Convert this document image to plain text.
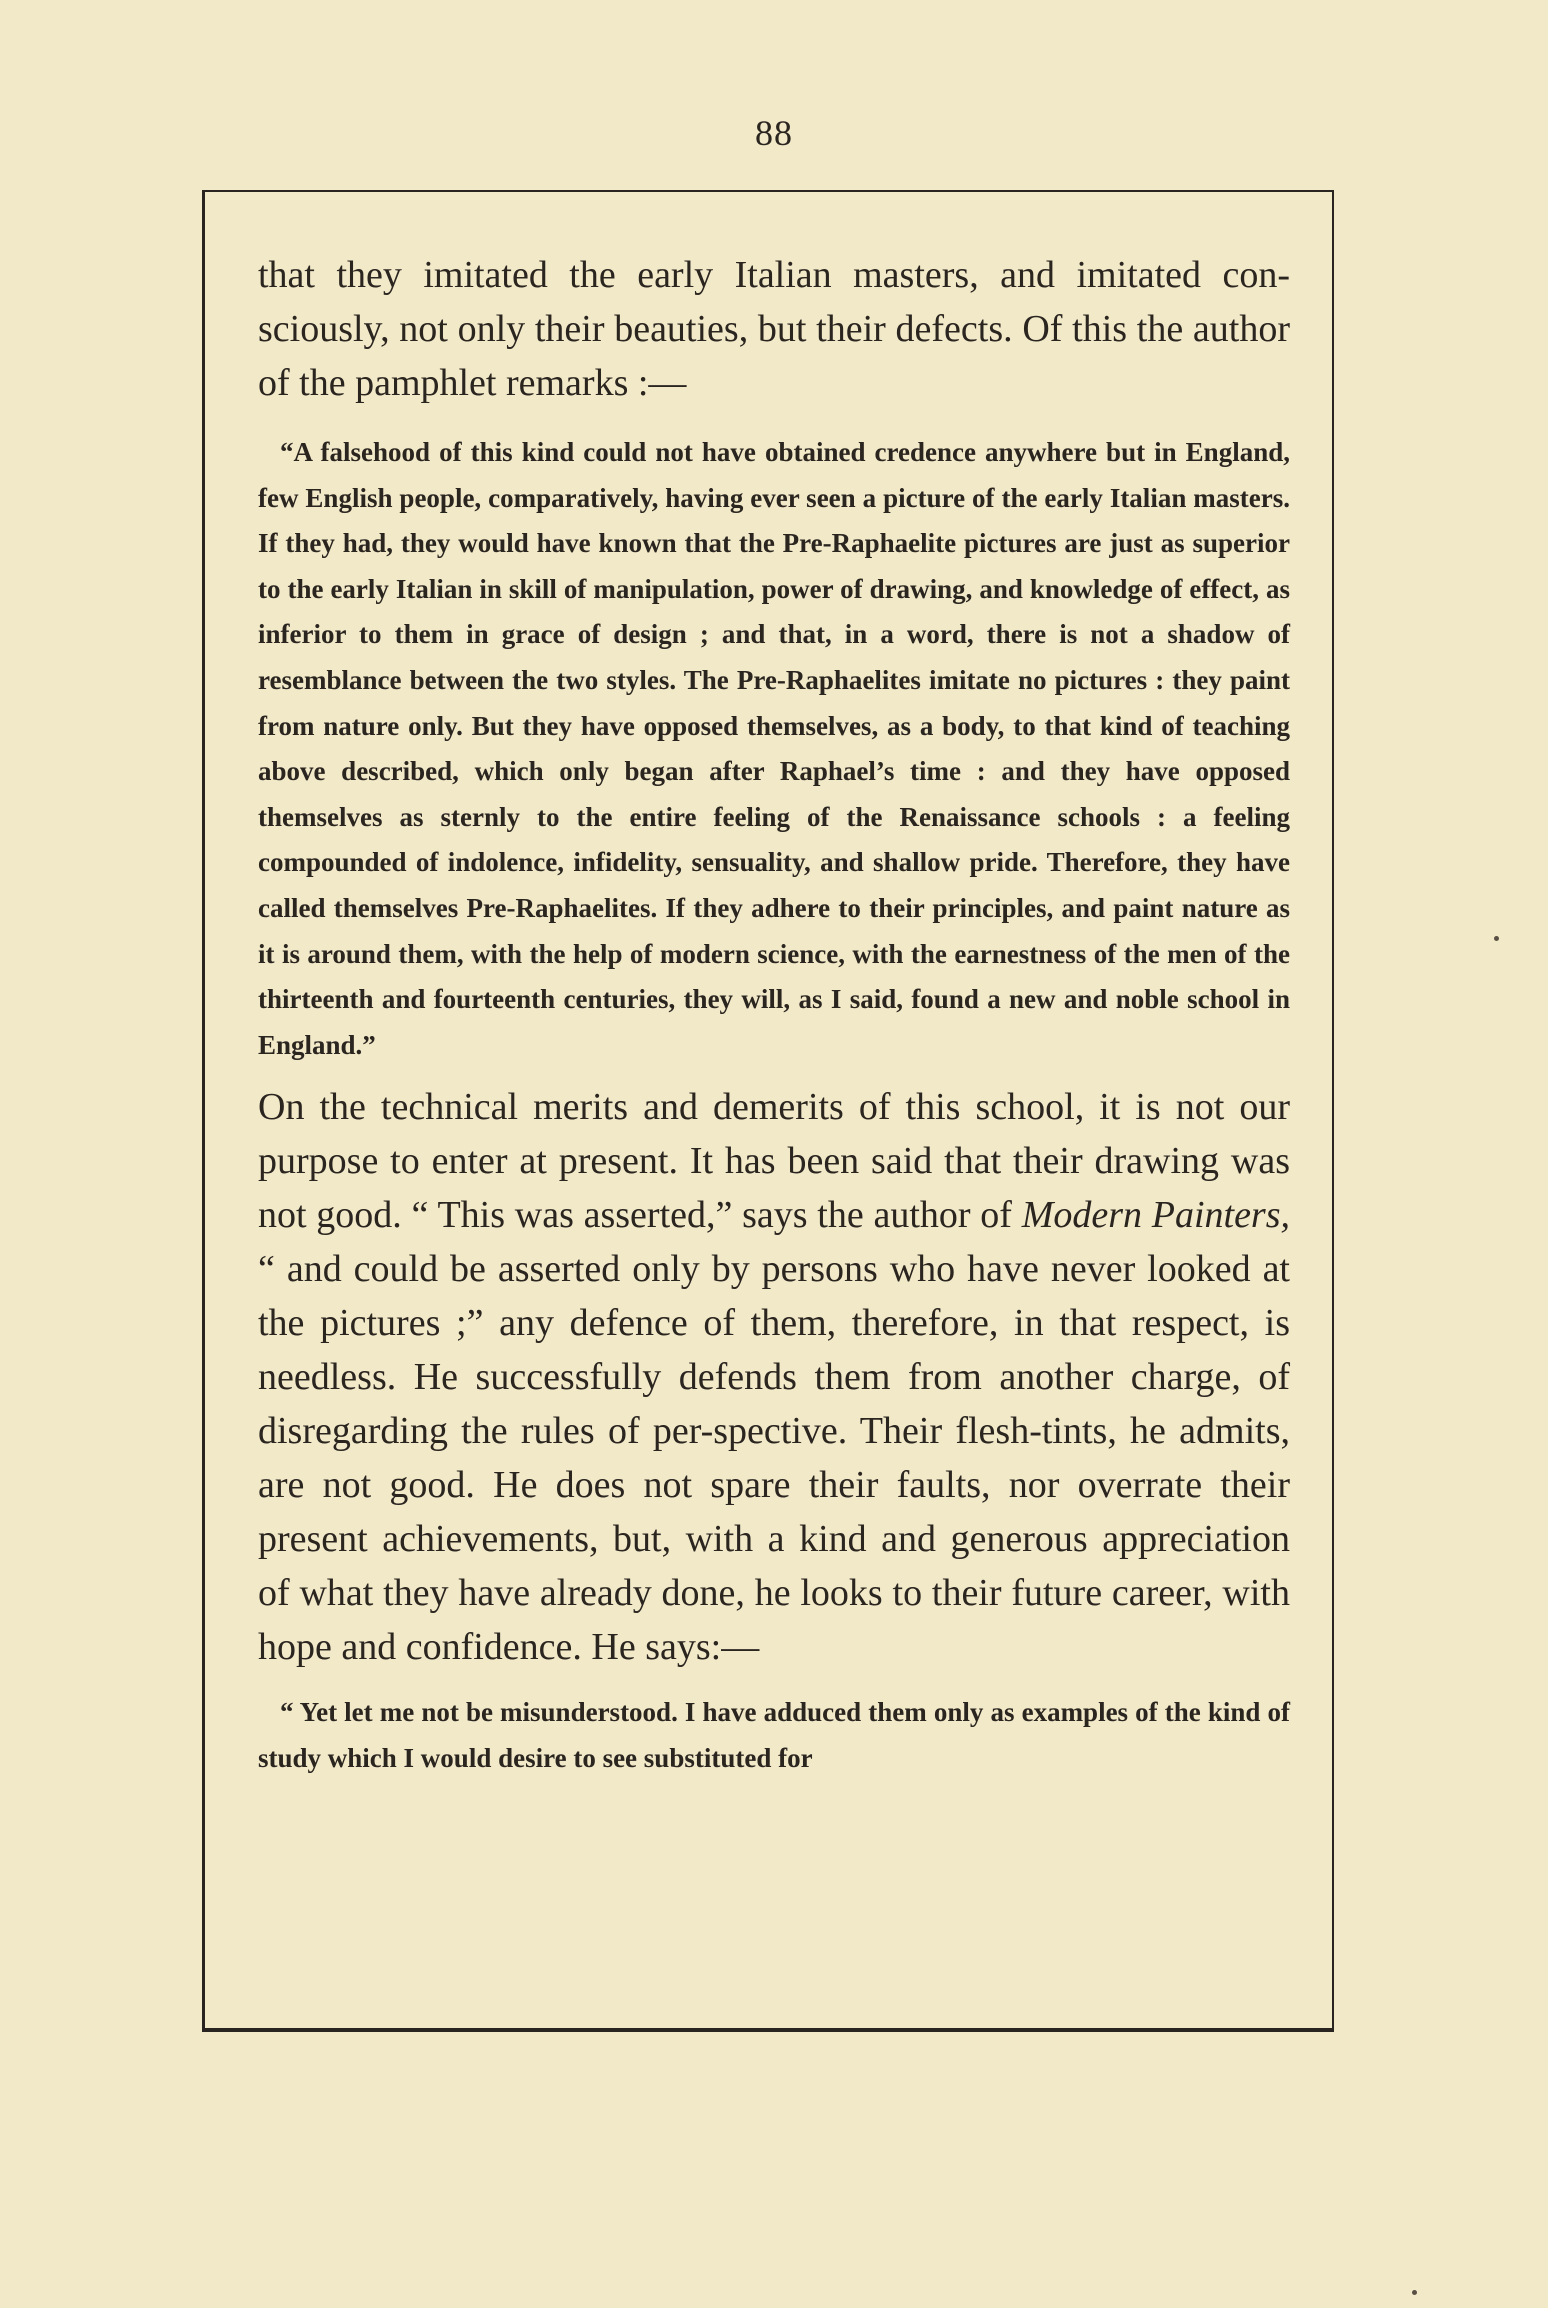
88

that they imitated the early Italian masters, and imitated con-sciously, not only their beauties, but their defects. Of this the author of the pamphlet remarks :—

“A falsehood of this kind could not have obtained credence anywhere but in England, few English people, comparatively, having ever seen a picture of the early Italian masters. If they had, they would have known that the Pre-Raphaelite pictures are just as superior to the early Italian in skill of manipulation, power of drawing, and knowledge of effect, as inferior to them in grace of design ; and that, in a word, there is not a shadow of resemblance between the two styles. The Pre-Raphaelites imitate no pictures : they paint from nature only. But they have opposed themselves, as a body, to that kind of teaching above described, which only began after Raphael’s time : and they have opposed themselves as sternly to the entire feeling of the Renaissance schools : a feeling compounded of indolence, infidelity, sensuality, and shallow pride. Therefore, they have called themselves Pre-Raphaelites. If they adhere to their principles, and paint nature as it is around them, with the help of modern science, with the earnestness of the men of the thirteenth and fourteenth centuries, they will, as I said, found a new and noble school in England.”

On the technical merits and demerits of this school, it is not our purpose to enter at present. It has been said that their drawing was not good. “ This was asserted,” says the author of Modern Painters, “ and could be asserted only by persons who have never looked at the pictures ;” any defence of them, therefore, in that respect, is needless. He successfully defends them from another charge, of disregarding the rules of per-spective. Their flesh-tints, he admits, are not good. He does not spare their faults, nor overrate their present achievements, but, with a kind and generous appreciation of what they have already done, he looks to their future career, with hope and confidence. He says:—

“ Yet let me not be misunderstood. I have adduced them only as examples of the kind of study which I would desire to see substituted for
